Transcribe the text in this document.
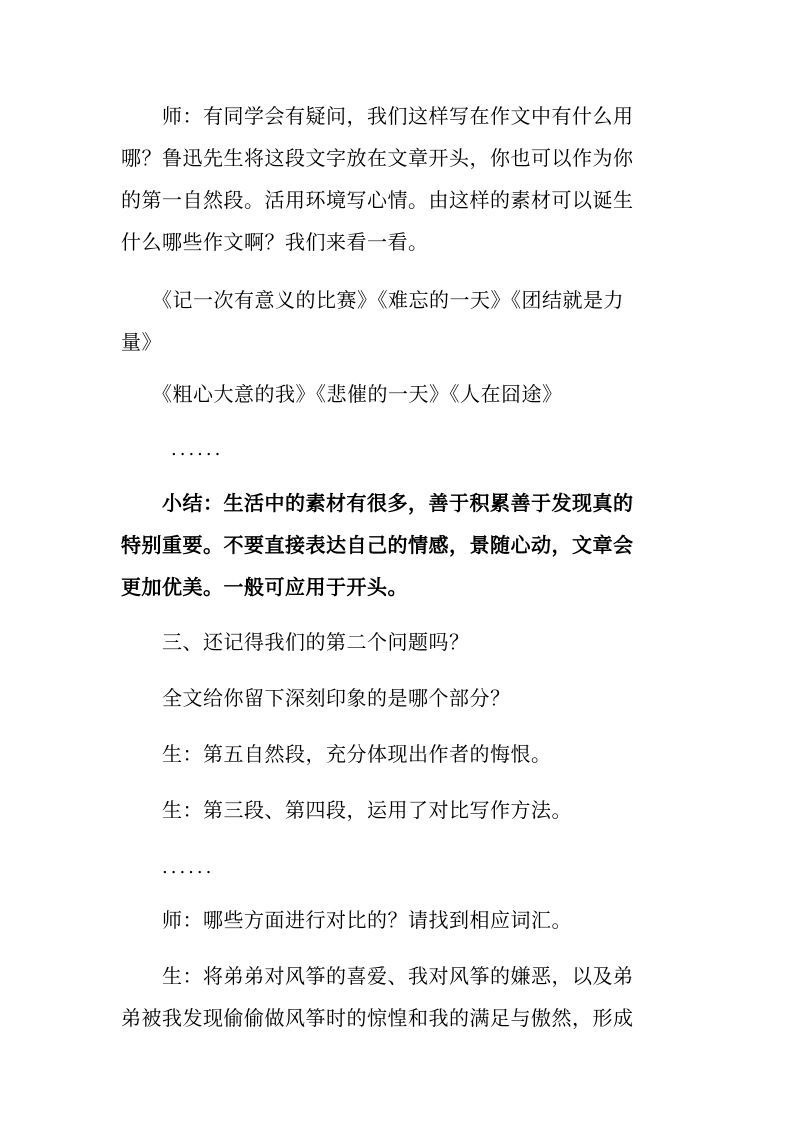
　　师：有同学会有疑问，我们这样写在作文中有什么用
哪？鲁迅先生将这段文字放在文章开头，你也可以作为你
的第一自然段。活用环境写心情。由这样的素材可以诞生
什么哪些作文啊？我们来看一看。

　　《记一次有意义的比赛》《难忘的一天》《团结就是力
量》

　　《粗心大意的我》《悲催的一天》《人在囧途》

......

　　小结：生活中的素材有很多，善于积累善于发现真的
特别重要。不要直接表达自己的情感，景随心动，文章会
更加优美。一般可应用于开头。

　　三、还记得我们的第二个问题吗？

　　全文给你留下深刻印象的是哪个部分？

　　生：第五自然段，充分体现出作者的悔恨。

　　生：第三段、第四段，运用了对比写作方法。

......

　　师：哪些方面进行对比的？请找到相应词汇。

　　生：将弟弟对风筝的喜爱、我对风筝的嫌恶，以及弟
弟被我发现偷偷做风筝时的惊惶和我的满足与傲然，形成
